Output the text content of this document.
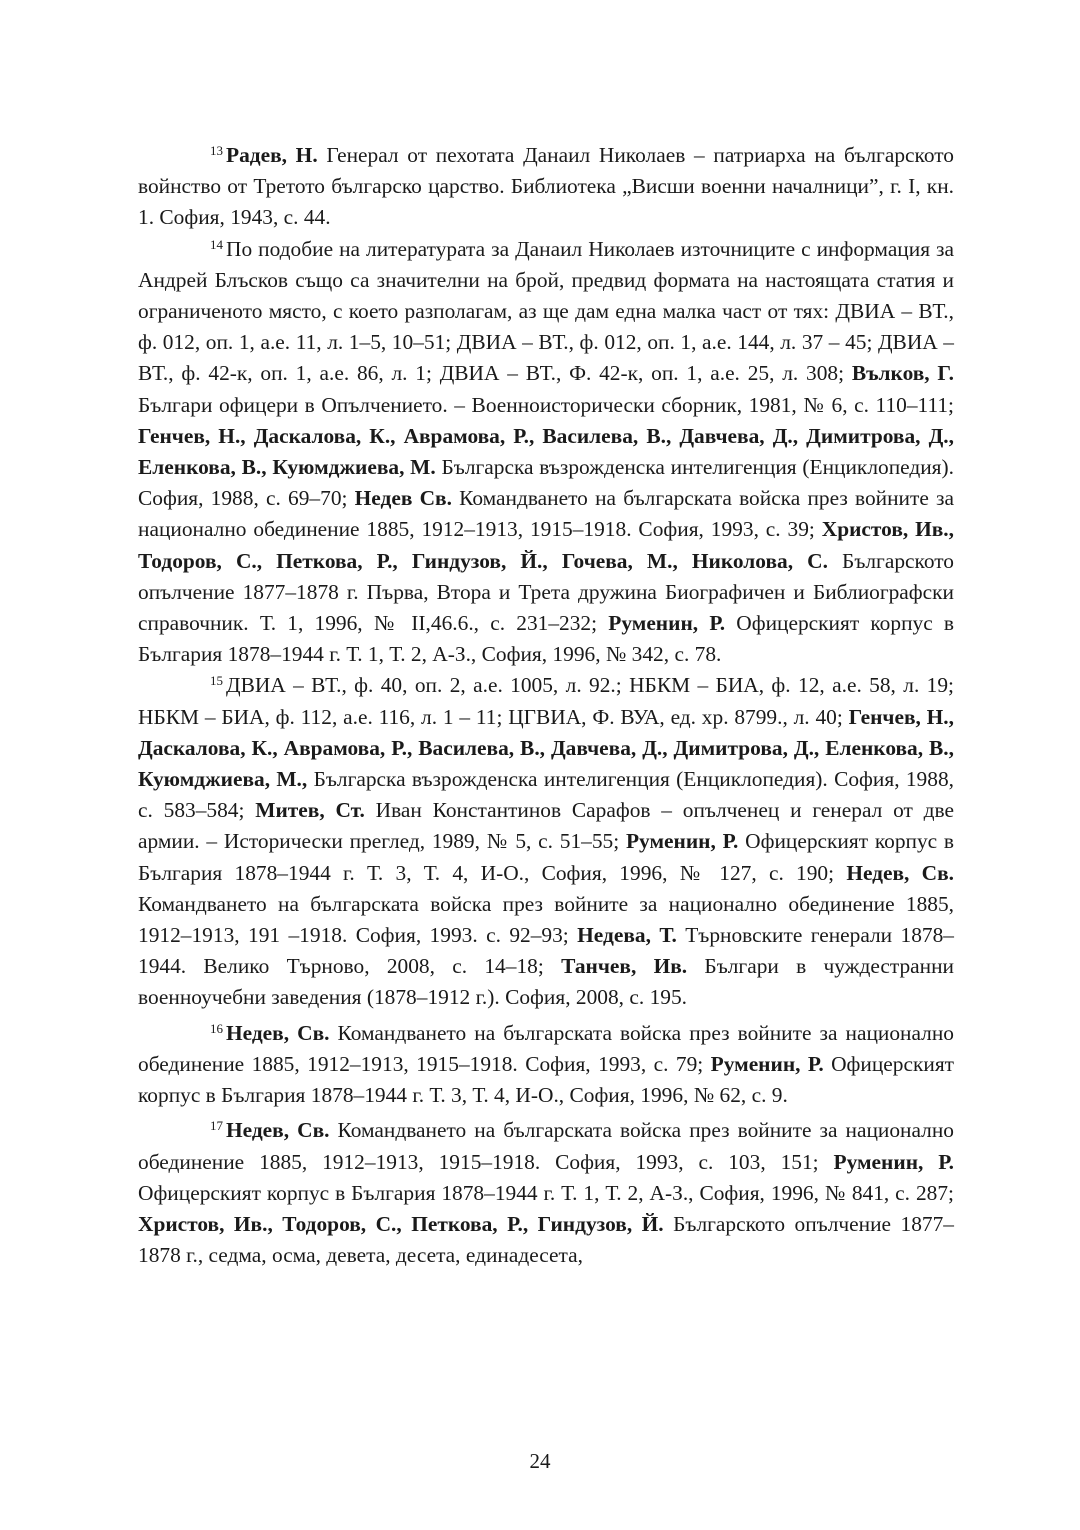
$^{13}$ Радев, Н. Генерал от пехотата Данаил Николаев – патриарха на българското войнство от Третото българско царство. Библиотека „Висши военни началници”, г. I, кн. 1. София, 1943, с. 44.

$^{14}$ По подобие на литературата за Данаил Николаев източниците с информация за Андрей Блъсков също са значителни на брой, предвид формата на настоящата статия и ограниченото място, с което разполагам, аз ще дам една малка част от тях: ДВИА – ВТ., ф. 012, оп. 1, а.е. 11, л. 1–5, 10–51; ДВИА – ВТ., ф. 012, оп. 1, а.е. 144, л. 37 – 45; ДВИА – ВТ., ф. 42-к, оп. 1, а.е. 86, л. 1; ДВИА – ВТ., Ф. 42-к, оп. 1, а.е. 25, л. 308; Вълков, Г. Българи офицери в Опълчението. – Военноисторически сборник, 1981, № 6, с. 110–111; Генчев, Н., Даскалова, К., Аврамова, Р., Василева, В., Давчева, Д., Димитрова, Д., Еленкова, В., Куюмджиева, М. Българска възрожденска интелигенция (Енциклопедия). София, 1988, с. 69–70; Недев Св. Командването на българската войска през войните за национално обединение 1885, 1912–1913, 1915–1918. София, 1993, с. 39; Христов, Ив., Тодоров, С., Петкова, Р., Гиндузов, Й., Гочева, М., Николова, С. Българското опълчение 1877–1878 г. Първа, Втора и Трета дружина Биографичен и Библиографски справочник. Т. 1, 1996, № II,46.6., с. 231–232; Руменин, Р. Офицерският корпус в България 1878–1944 г. Т. 1, Т. 2, А-З., София, 1996, № 342, с. 78.

$^{15}$ ДВИА – ВТ., ф. 40, оп. 2, а.е. 1005, л. 92.; НБКМ – БИА, ф. 12, а.е. 58, л. 19; НБКМ – БИА, ф. 112, а.е. 116, л. 1 – 11; ЦГВИА, Ф. ВУА, ед. хр. 8799., л. 40; Генчев, Н., Даскалова, К., Аврамова, Р., Василева, В., Давчева, Д., Димитрова, Д., Еленкова, В., Куюмджиева, М., Българска възрожденска интелигенция (Енциклопедия). София, 1988, с. 583–584; Митев, Ст. Иван Константинов Сарафов – опълченец и генерал от две армии. – Исторически преглед, 1989, № 5, с. 51–55; Руменин, Р. Офицерският корпус в България 1878–1944 г. Т. 3, Т. 4, И-О., София, 1996, № 127, с. 190; Недев, Св. Командването на българската войска през войните за национално обединение 1885, 1912–1913, 191 –1918. София, 1993. с. 92–93; Недева, Т. Търновските генерали 1878–1944. Велико Търново, 2008, с. 14–18; Танчев, Ив. Българи в чуждестранни военноучебни заведения (1878–1912 г.). София, 2008, с. 195.

$^{16}$ Недев, Св. Командването на българската войска през войните за национално обединение 1885, 1912–1913, 1915–1918. София, 1993, с. 79; Руменин, Р. Офицерският корпус в България 1878–1944 г. Т. 3, Т. 4, И-О., София, 1996, № 62, с. 9.

$^{17}$ Недев, Св. Командването на българската войска през войните за национално обединение 1885, 1912–1913, 1915–1918. София, 1993, с. 103, 151; Руменин, Р. Офицерският корпус в България 1878–1944 г. Т. 1, Т. 2, А-З., София, 1996, № 841, с. 287; Христов, Ив., Тодоров, С., Петкова, Р., Гиндузов, Й. Българското опълчение 1877–1878 г., седма, осма, девета, десета, единадесета,

24
